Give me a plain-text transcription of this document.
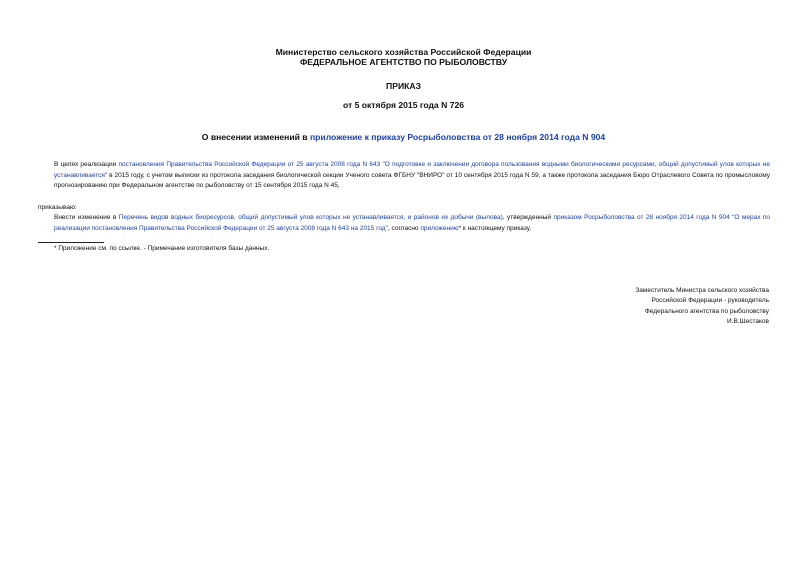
Министерство сельского хозяйства Российской Федерации
ФЕДЕРАЛЬНОЕ АГЕНТСТВО ПО РЫБОЛОВСТВУ
ПРИКАЗ
от 5 октября 2015 года N 726
О внесении изменений в приложение к приказу Росрыболовства от 28 ноября 2014 года N 904
В целях реализации постановления Правительства Российской Федерации от 25 августа 2008 года N 643 "О подготовке и заключении договора пользования водными биологическими ресурсами, общий допустимый улов которых не устанавливается" в 2015 году, с учетом выписки из протокола заседания биологической секции Ученого совета ФГБНУ "ВНИРО" от 10 сентября 2015 года N 59, а также протокола заседания Бюро Отраслевого Совета по промысловому прогнозированию при Федеральном агентстве по рыболовству от 15 сентября 2015 года N 45,
приказываю:
Внести изменение в Перечень видов водных биоресурсов, общий допустимый улов которых не устанавливается, и районов их добычи (вылова), утвержденный приказом Росрыболовства от 28 ноября 2014 года N 904 "О мерах по реализации постановления Правительства Российской Федерации от 25 августа 2008 года N 643 на 2015 год", согласно приложению* к настоящему приказу.
* Приложение см. по ссылке. - Примечание изготовителя базы данных.
Заместитель Министра сельского хозяйства
Российской Федерации - руководитель
Федерального агентства по рыболовству
И.В.Шестаков
